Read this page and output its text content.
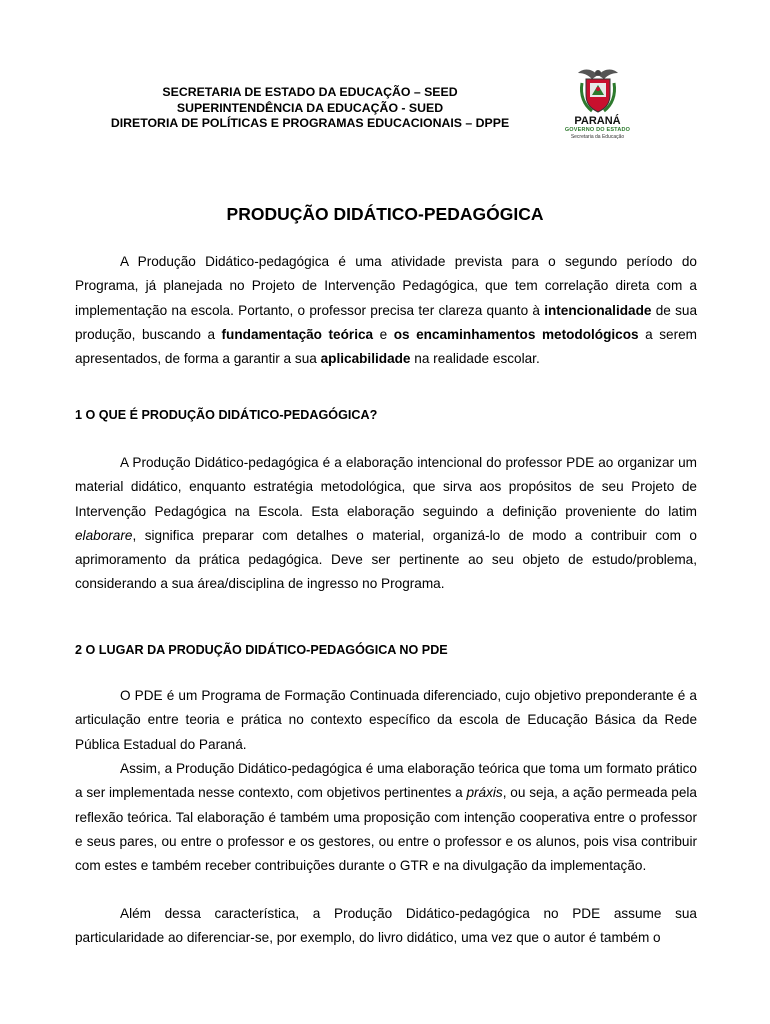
SECRETARIA DE ESTADO DA EDUCAÇÃO – SEED
SUPERINTENDÊNCIA DA EDUCAÇÃO - SUED
DIRETORIA DE POLÍTICAS E PROGRAMAS EDUCACIONAIS – DPPE	PARANÁ
GOVERNO DO ESTADO
Secretaria da Educação
PRODUÇÃO DIDÁTICO-PEDAGÓGICA

A Produção Didático-pedagógica é uma atividade prevista para o segundo período do Programa, já planejada no Projeto de Intervenção Pedagógica, que tem correlação direta com a implementação na escola. Portanto, o professor precisa ter clareza quanto à intencionalidade de sua produção, buscando a fundamentação teórica e os encaminhamentos metodológicos a serem apresentados, de forma a garantir a sua aplicabilidade na realidade escolar.

1 O QUE É PRODUÇÃO DIDÁTICO-PEDAGÓGICA?

A Produção Didático-pedagógica é a elaboração intencional do professor PDE ao organizar um material didático, enquanto estratégia metodológica, que sirva aos propósitos de seu Projeto de Intervenção Pedagógica na Escola. Esta elaboração seguindo a definição proveniente do latim elaborare, significa preparar com detalhes o material, organizá-lo de modo a contribuir com o aprimoramento da prática pedagógica. Deve ser pertinente ao seu objeto de estudo/problema, considerando a sua área/disciplina de ingresso no Programa.

2 O LUGAR DA PRODUÇÃO DIDÁTICO-PEDAGÓGICA NO PDE

O PDE é um Programa de Formação Continuada diferenciado, cujo objetivo preponderante é a articulação entre teoria e prática no contexto específico da escola de Educação Básica da Rede Pública Estadual do Paraná.

Assim, a Produção Didático-pedagógica é uma elaboração teórica que toma um formato prático a ser implementada nesse contexto, com objetivos pertinentes a práxis, ou seja, a ação permeada pela reflexão teórica. Tal elaboração é também uma proposição com intenção cooperativa entre o professor e seus pares, ou entre o professor e os gestores, ou entre o professor e os alunos, pois visa contribuir com estes e também receber contribuições durante o GTR e na divulgação da implementação.

Além dessa característica, a Produção Didático-pedagógica no PDE assume sua particularidade ao diferenciar-se, por exemplo, do livro didático, uma vez que o autor é também o
